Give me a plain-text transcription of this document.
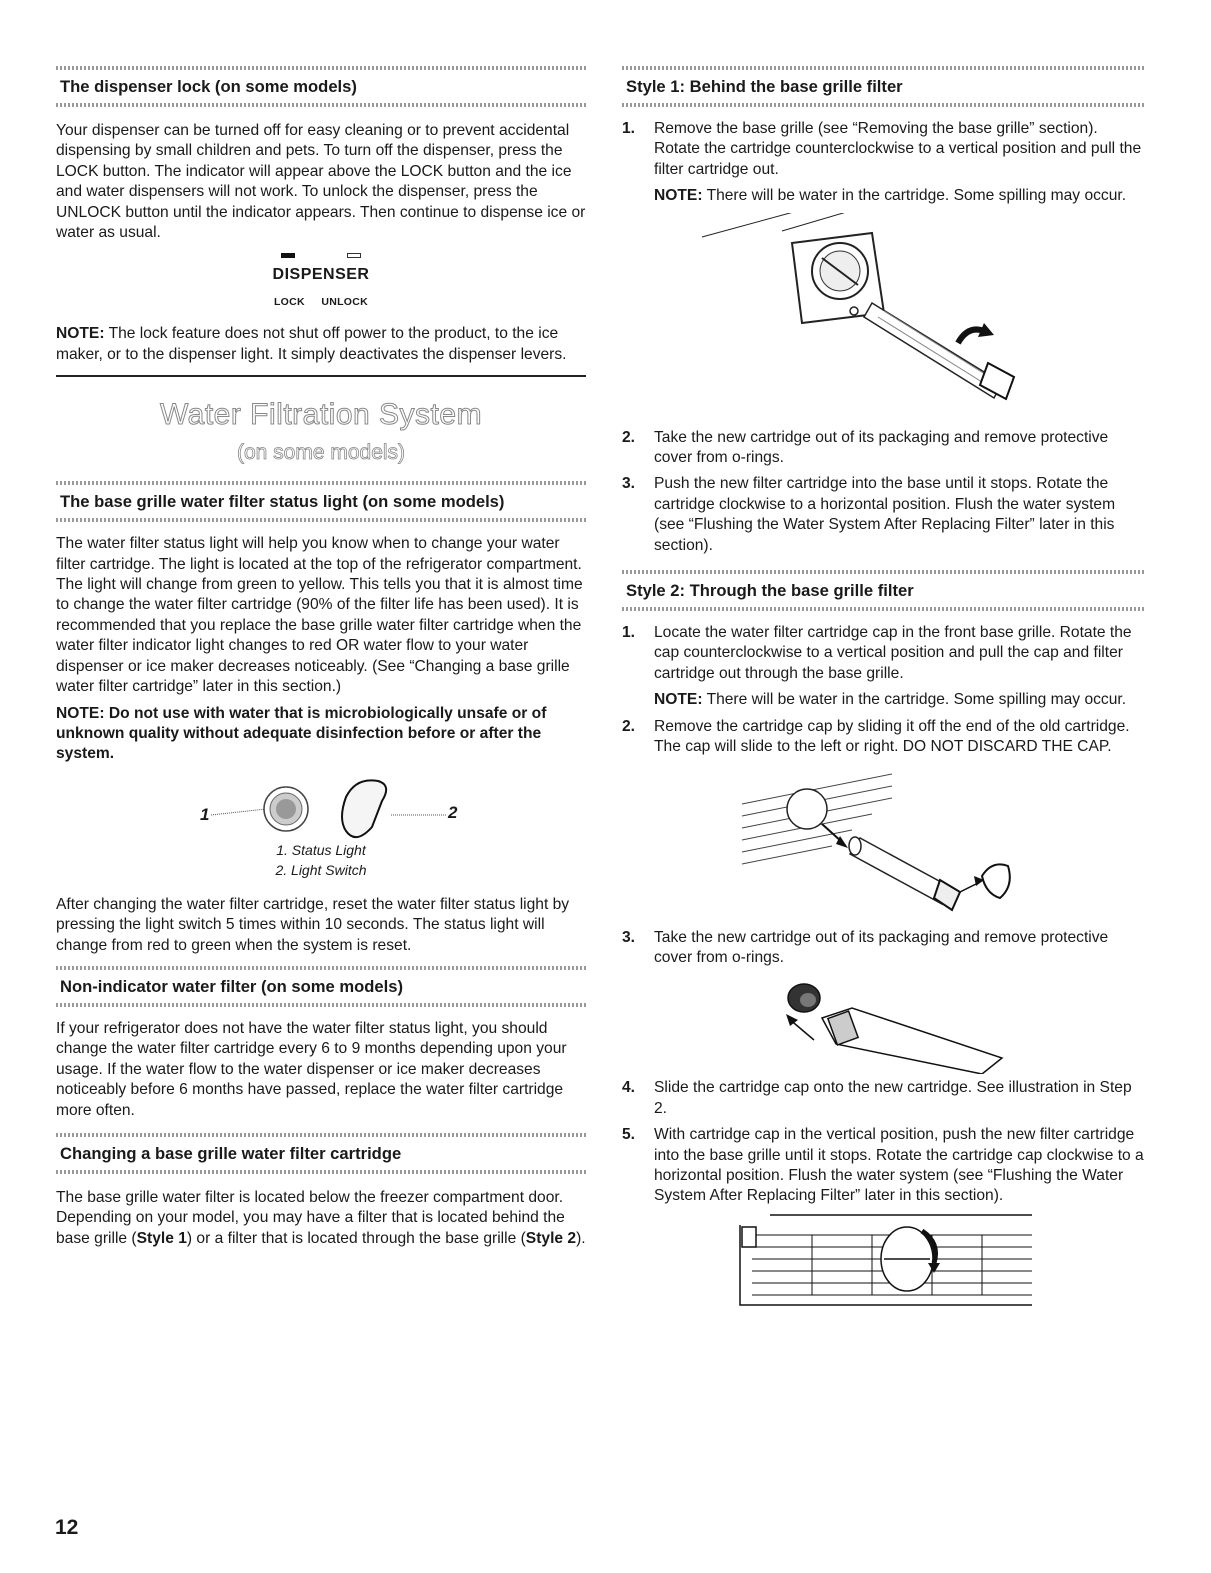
The dispenser lock (on some models)

Your dispenser can be turned off for easy cleaning or to prevent accidental dispensing by small children and pets. To turn off the dispenser, press the LOCK button. The indicator will appear above the LOCK button and the ice and water dispensers will not work. To unlock the dispenser, press the UNLOCK button until the indicator appears. Then continue to dispense ice or water as usual.

DISPENSER
LOCK UNLOCK

NOTE: The lock feature does not shut off power to the product, to the ice maker, or to the dispenser light. It simply deactivates the dispenser levers.

Water Filtration System
(on some models)
The base grille water filter status light (on some models)

The water filter status light will help you know when to change your water filter cartridge. The light is located at the top of the refrigerator compartment. The light will change from green to yellow. This tells you that it is almost time to change the water filter cartridge (90% of the filter life has been used). It is recommended that you replace the base grille water filter cartridge when the water filter indicator light changes to red OR water flow to your water dispenser or ice maker decreases noticeably. (See “Changing a base grille water filter cartridge” later in this section.)

NOTE: Do not use with water that is microbiologically unsafe or of unknown quality without adequate disinfection before or after the system.

1	2
1. Status Light
2. Light Switch

After changing the water filter cartridge, reset the water filter status light by pressing the light switch 5 times within 10 seconds. The status light will change from red to green when the system is reset.

Non-indicator water filter (on some models)

If your refrigerator does not have the water filter status light, you should change the water filter cartridge every 6 to 9 months depending upon your usage. If the water flow to the water dispenser or ice maker decreases noticeably before 6 months have passed, replace the water filter cartridge more often.

Changing a base grille water filter cartridge

The base grille water filter is located below the freezer compartment door. Depending on your model, you may have a filter that is located behind the base grille (Style 1) or a filter that is located through the base grille (Style 2).

Style 1: Behind the base grille filter
1.	Remove the base grille (see “Removing the base grille” section). Rotate the cartridge counterclockwise to a vertical position and pull the filter cartridge out.

NOTE: There will be water in the cartridge. Some spilling may occur.

2.	Take the new cartridge out of its packaging and remove protective cover from o-rings.

3.	Push the new filter cartridge into the base until it stops. Rotate the cartridge clockwise to a horizontal position. Flush the water system (see “Flushing the Water System After Replacing Filter” later in this section).

Style 2: Through the base grille filter
1.	Locate the water filter cartridge cap in the front base grille. Rotate the cap counterclockwise to a vertical position and pull the cap and filter cartridge out through the base grille.

NOTE: There will be water in the cartridge. Some spilling may occur.

2.	Remove the cartridge cap by sliding it off the end of the old cartridge. The cap will slide to the left or right. DO NOT DISCARD THE CAP.

3.	Take the new cartridge out of its packaging and remove protective cover from o-rings.

4.	Slide the cartridge cap onto the new cartridge. See illustration in Step 2.

5.	With cartridge cap in the vertical position, push the new filter cartridge into the base grille until it stops. Rotate the cartridge cap clockwise to a horizontal position. Flush the water system (see “Flushing the Water System After Replacing Filter” later in this section).

12
